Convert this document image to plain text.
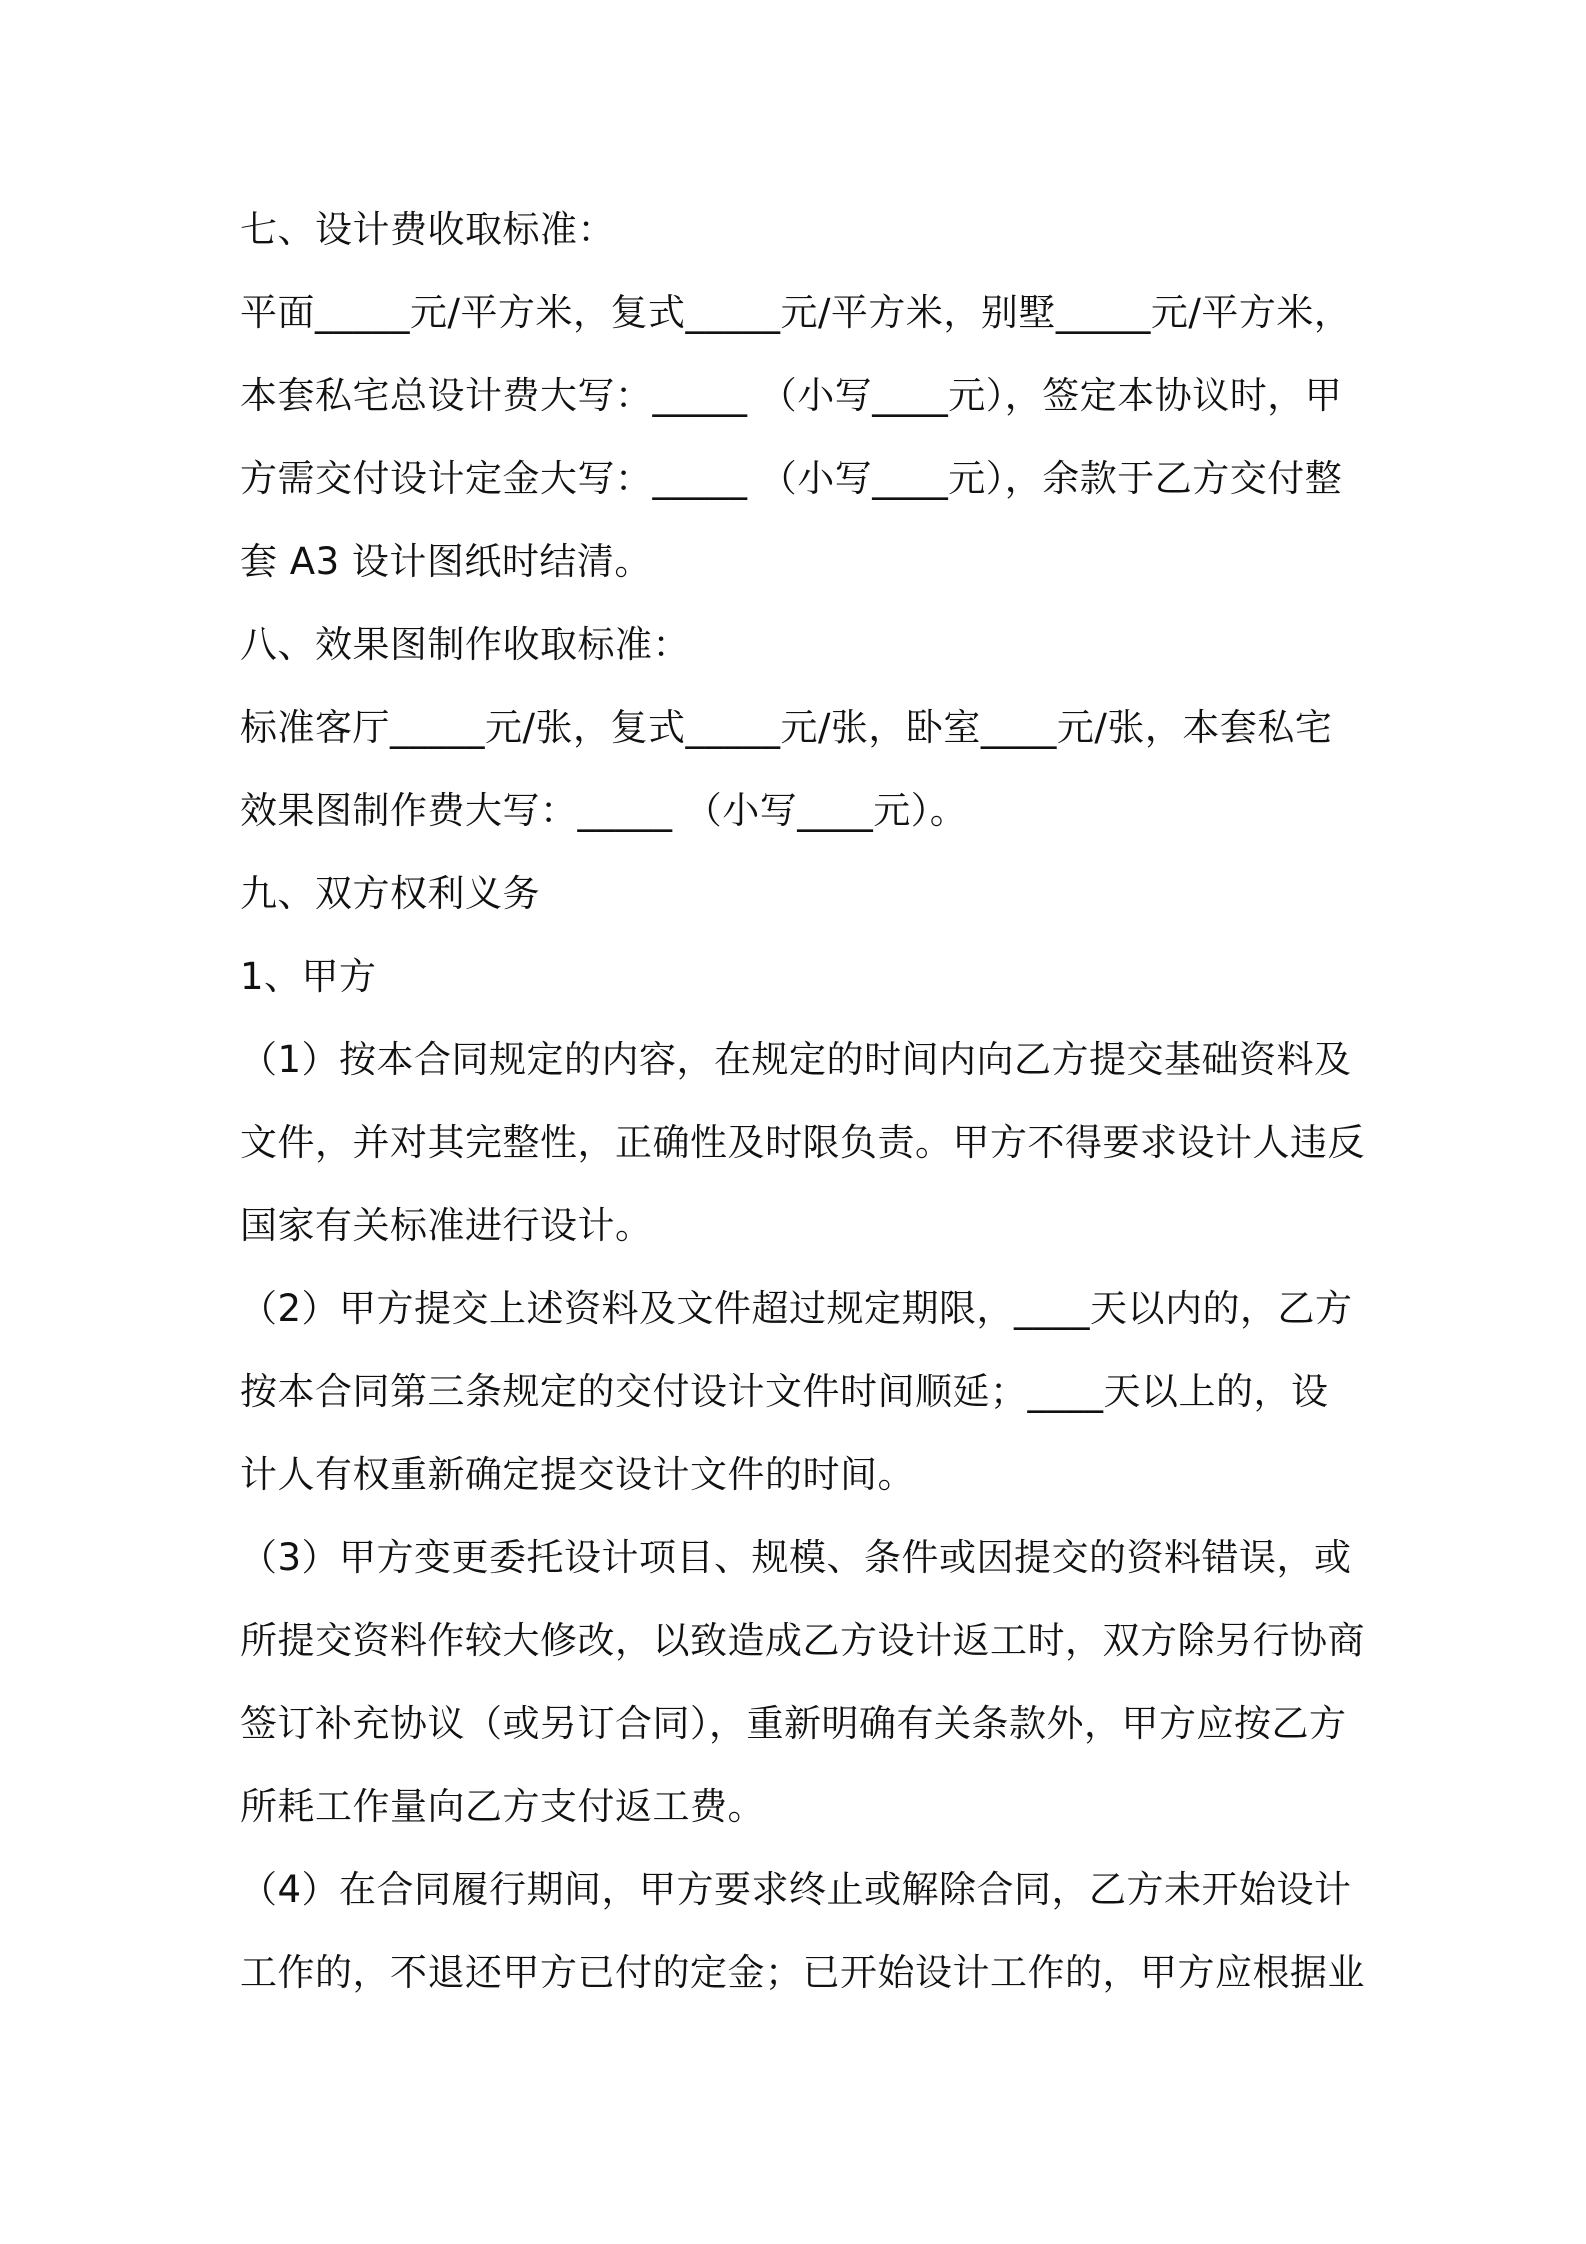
七、设计费收取标准：
平面_____元/平方米，复式_____元/平方米，别墅_____元/平方米，
本套私宅总设计费大写：_____ （小写____元），签定本协议时，甲
方需交付设计定金大写：_____ （小写____元），余款于乙方交付整
套 A3 设计图纸时结清。
八、效果图制作收取标准：
标准客厅_____元/张，复式_____元/张，卧室____元/张，本套私宅
效果图制作费大写：_____ （小写____元）。
九、双方权利义务
1、甲方
（1）按本合同规定的内容，在规定的时间内向乙方提交基础资料及
文件，并对其完整性，正确性及时限负责。甲方不得要求设计人违反
国家有关标准进行设计。
（2）甲方提交上述资料及文件超过规定期限，____天以内的，乙方
按本合同第三条规定的交付设计文件时间顺延；____天以上的，设
计人有权重新确定提交设计文件的时间。
（3）甲方变更委托设计项目、规模、条件或因提交的资料错误，或
所提交资料作较大修改，以致造成乙方设计返工时，双方除另行协商
签订补充协议（或另订合同），重新明确有关条款外，甲方应按乙方
所耗工作量向乙方支付返工费。
（4）在合同履行期间，甲方要求终止或解除合同，乙方未开始设计
工作的，不退还甲方已付的定金；已开始设计工作的，甲方应根据业
